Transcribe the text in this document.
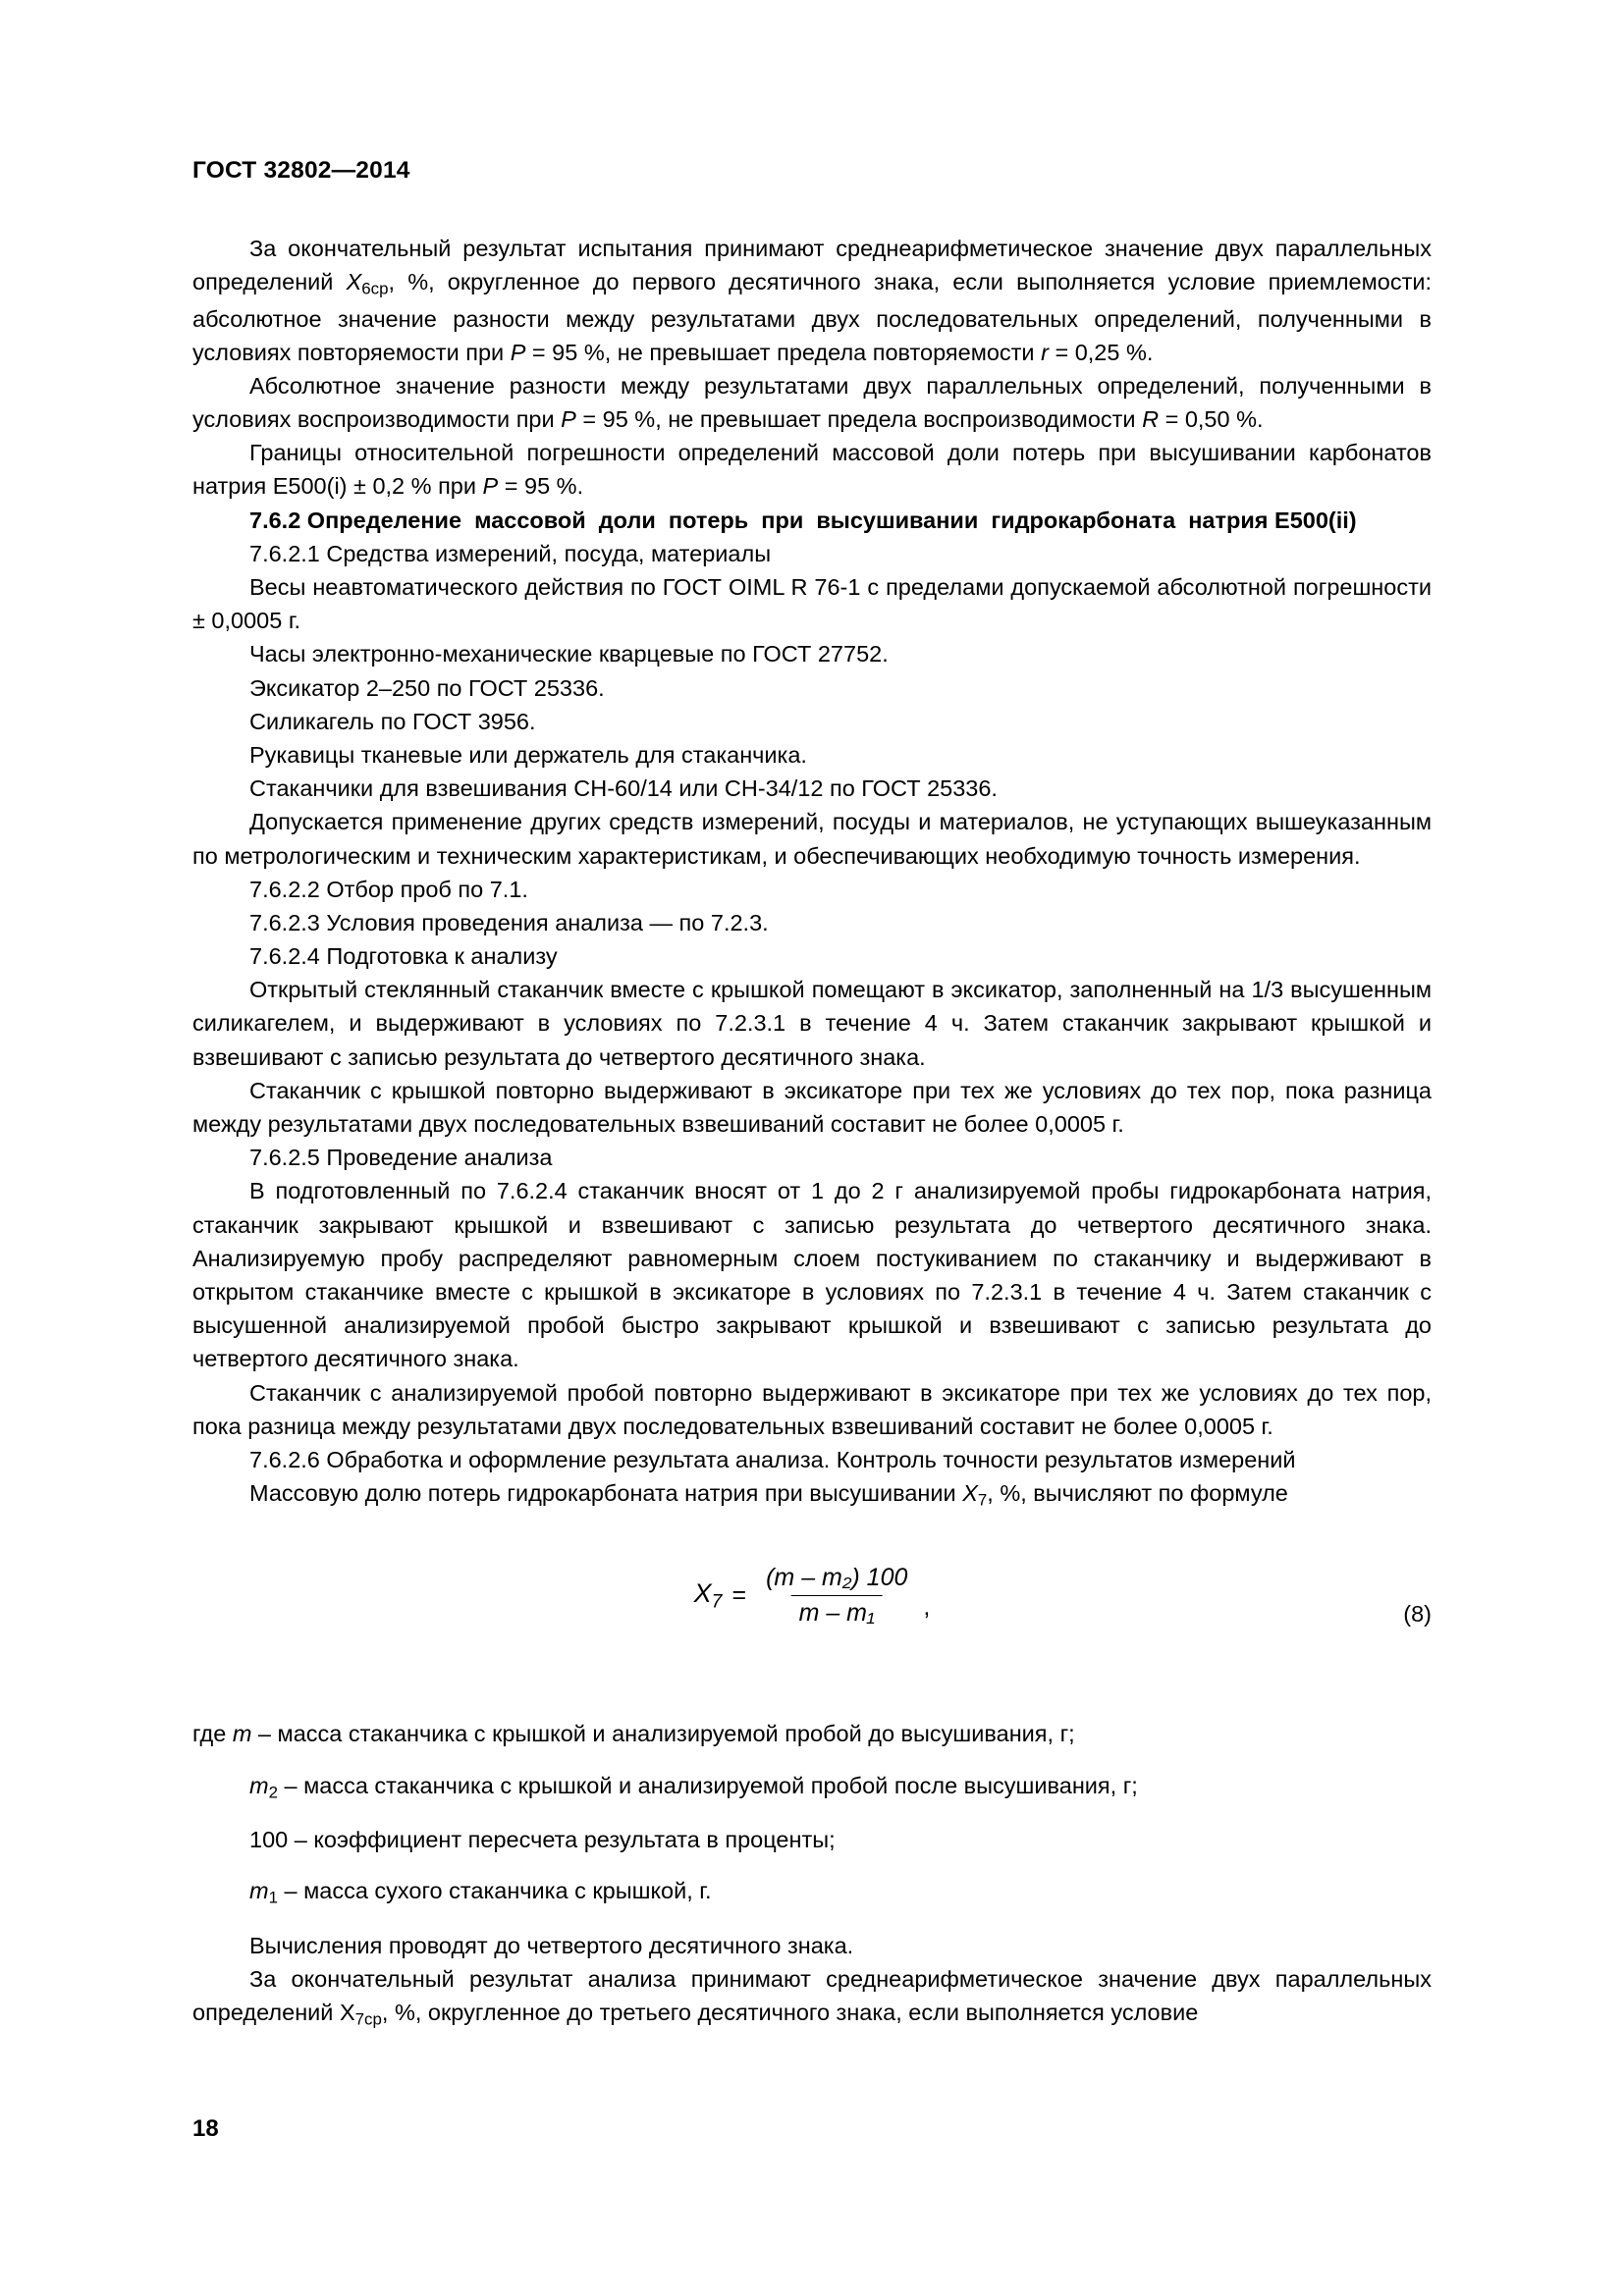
ГОСТ 32802—2014

За окончательный результат испытания принимают среднеарифметическое значение двух параллельных определений $X_{6ср}$, %, округленное до первого десятичного знака, если выполняется условие приемлемости: абсолютное значение разности между результатами двух последовательных определений, полученными в условиях повторяемости при P = 95 %, не превышает предела повторяемости r = 0,25 %.

Абсолютное значение разности между результатами двух параллельных определений, полученными в условиях воспроизводимости при P = 95 %, не превышает предела воспроизводимости R = 0,50 %.

Границы относительной погрешности определений массовой доли потерь при высушивании карбонатов натрия Е500(i) ± 0,2 % при P = 95 %.

7.6.2 Определение  массовой  доли  потерь  при  высушивании  гидрокарбоната  натрия Е500(ii)

7.6.2.1 Средства измерений, посуда, материалы

Весы неавтоматического действия по ГОСТ OIML R 76-1 с пределами допускаемой абсолютной погрешности ± 0,0005 г.

Часы электронно-механические кварцевые по ГОСТ 27752.

Эксикатор 2–250 по ГОСТ 25336.

Силикагель по ГОСТ 3956.

Рукавицы тканевые или держатель для стаканчика.

Стаканчики для взвешивания СН-60/14 или СН-34/12 по ГОСТ 25336.

Допускается применение других средств измерений, посуды и материалов, не уступающих вышеуказанным по метрологическим и техническим характеристикам, и обеспечивающих необходимую точность измерения.

7.6.2.2 Отбор проб по 7.1.

7.6.2.3 Условия проведения анализа — по 7.2.3.

7.6.2.4 Подготовка к анализу

Открытый стеклянный стаканчик вместе с крышкой помещают в эксикатор, заполненный на 1/3 высушенным силикагелем, и выдерживают в условиях по 7.2.3.1 в течение 4 ч. Затем стаканчик закрывают крышкой и взвешивают с записью результата до четвертого десятичного знака.

Стаканчик с крышкой повторно выдерживают в эксикаторе при тех же условиях до тех пор, пока разница между результатами двух последовательных взвешиваний составит не более 0,0005 г.

7.6.2.5 Проведение анализа

В подготовленный по 7.6.2.4 стаканчик вносят от 1 до 2 г анализируемой пробы гидрокарбоната натрия, стаканчик закрывают крышкой и взвешивают с записью результата до четвертого десятичного знака. Анализируемую пробу распределяют равномерным слоем постукиванием по стаканчику и выдерживают в открытом стаканчике вместе с крышкой в эксикаторе в условиях по 7.2.3.1 в течение 4 ч. Затем стаканчик с высушенной анализируемой пробой быстро закрывают крышкой и взвешивают с записью результата до четвертого десятичного знака.

Стаканчик с анализируемой пробой повторно выдерживают в эксикаторе при тех же условиях до тех пор, пока разница между результатами двух последовательных взвешиваний составит не более 0,0005 г.

7.6.2.6 Обработка и оформление результата анализа. Контроль точности результатов измерений

Массовую долю потерь гидрокарбоната натрия при высушивании $X_7$, %, вычисляют по формуле

$X_7 = \frac{\text{(m – m₂) 100}}{\text{m – m₁}}$ ,	(8)

где m – масса стаканчика с крышкой и анализируемой пробой до высушивания, г;

$m_2$ – масса стаканчика с крышкой и анализируемой пробой после высушивания, г;

100 – коэффициент пересчета результата в проценты;

$m_1$ – масса сухого стаканчика с крышкой, г.

Вычисления проводят до четвертого десятичного знака.

За окончательный результат анализа принимают среднеарифметическое значение двух параллельных определений $X_{7ср}$, %, округленное до третьего десятичного знака, если выполняется условие

18
